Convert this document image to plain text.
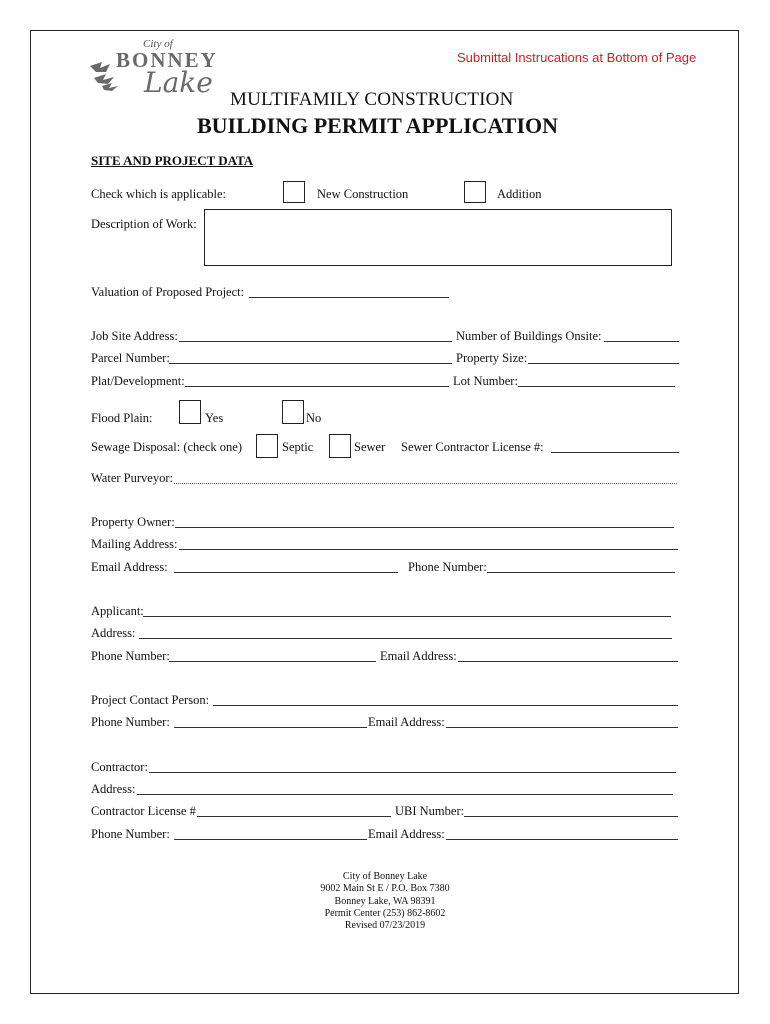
City of
BONNEY
Lake
Submittal Instrucations at Bottom of Page
MULTIFAMILY CONSTRUCTION
BUILDING PERMIT APPLICATION
SITE AND PROJECT DATA
Check which is applicable:	New Construction	Addition
Description of Work:
Valuation of Proposed Project:
Job Site Address:	Number of Buildings Onsite:
Parcel Number:	Property Size:
Plat/Development:	Lot Number:
Flood Plain:	Yes	No
Sewage Disposal: (check one)	Septic	Sewer Sewer Contractor License #:
Water Purveyor:
Property Owner:
Mailing Address:
Email Address:	Phone Number:
Applicant:
Address:
Phone Number:	Email Address:
Project Contact Person:
Phone Number:	Email Address:
Contractor:
Address:
Contractor License #	UBI Number:
Phone Number:	Email Address:
City of Bonney Lake
9002 Main St E / P.O. Box 7380
Bonney Lake, WA 98391
Permit Center (253) 862-8602
Revised 07/23/2019
